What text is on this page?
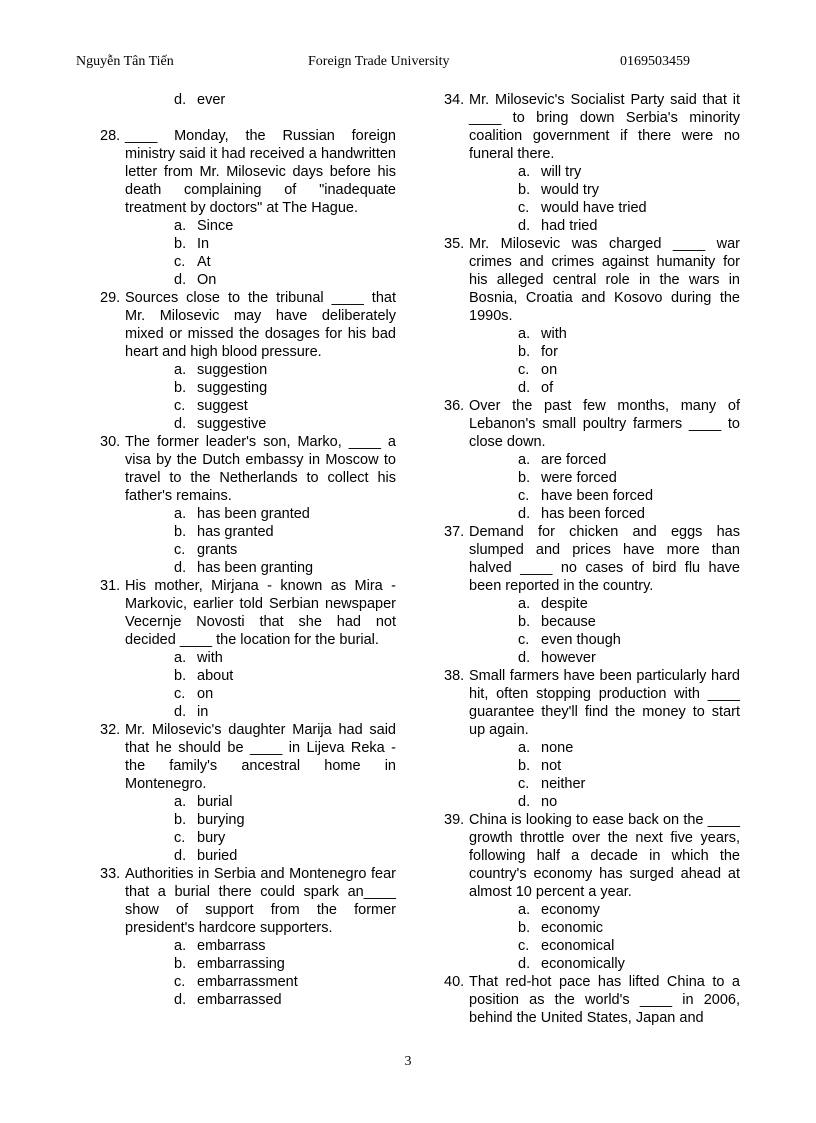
Nguyễn Tân Tiến	Foreign Trade University	0169503459
d. ever
28. ____ Monday, the Russian foreign ministry said it had received a handwritten letter from Mr. Milosevic days before his death complaining of "inadequate treatment by doctors" at The Hague.
a. Since
b. In
c. At
d. On
29. Sources close to the tribunal ____ that Mr. Milosevic may have deliberately mixed or missed the dosages for his bad heart and high blood pressure.
a. suggestion
b. suggesting
c. suggest
d. suggestive
30. The former leader's son, Marko, ____ a visa by the Dutch embassy in Moscow to travel to the Netherlands to collect his father's remains.
a. has been granted
b. has granted
c. grants
d. has been granting
31. His mother, Mirjana - known as Mira - Markovic, earlier told Serbian newspaper Vecernje Novosti that she had not decided ____ the location for the burial.
a. with
b. about
c. on
d. in
32. Mr. Milosevic's daughter Marija had said that he should be ____ in Lijeva Reka - the family's ancestral home in Montenegro.
a. burial
b. burying
c. bury
d. buried
33. Authorities in Serbia and Montenegro fear that a burial there could spark an____ show of support from the former president's hardcore supporters.
a. embarrass
b. embarrassing
c. embarrassment
d. embarrassed
34. Mr. Milosevic's Socialist Party said that it ____ to bring down Serbia's minority coalition government if there were no funeral there.
a. will try
b. would try
c. would have tried
d. had tried
35. Mr. Milosevic was charged ____ war crimes and crimes against humanity for his alleged central role in the wars in Bosnia, Croatia and Kosovo during the 1990s.
a. with
b. for
c. on
d. of
36. Over the past few months, many of Lebanon's small poultry farmers ____ to close down.
a. are forced
b. were forced
c. have been forced
d. has been forced
37. Demand for chicken and eggs has slumped and prices have more than halved ____ no cases of bird flu have been reported in the country.
a. despite
b. because
c. even though
d. however
38. Small farmers have been particularly hard hit, often stopping production with ____ guarantee they'll find the money to start up again.
a. none
b. not
c. neither
d. no
39. China is looking to ease back on the ____ growth throttle over the next five years, following half a decade in which the country's economy has surged ahead at almost 10 percent a year.
a. economy
b. economic
c. economical
d. economically
40. That red-hot pace has lifted China to a position as the world's ____ in 2006, behind the United States, Japan and
3
